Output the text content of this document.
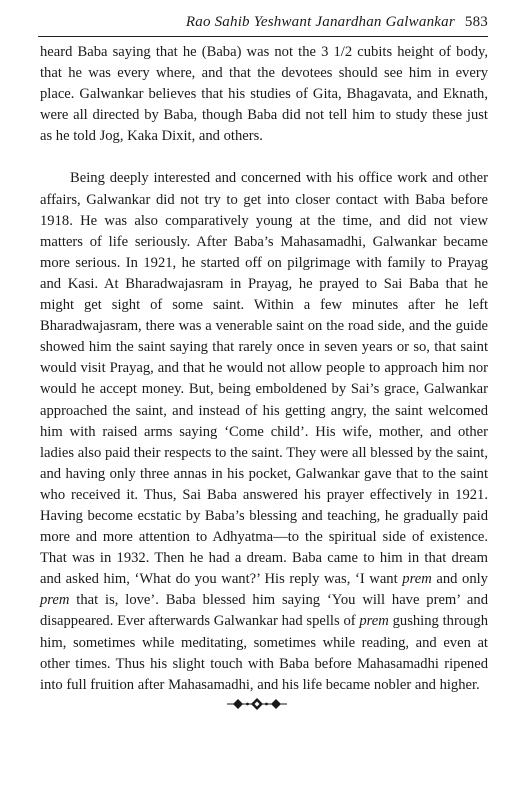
Rao Sahib Yeshwant Janardhan Galwankar 583

heard Baba saying that he (Baba) was not the 3 1/2 cubits height of body, that he was every where, and that the devotees should see him in every place. Galwankar believes that his studies of Gita, Bhagavata, and Eknath, were all directed by Baba, though Baba did not tell him to study these just as he told Jog, Kaka Dixit, and others.

Being deeply interested and concerned with his office work and other affairs, Galwankar did not try to get into closer contact with Baba before 1918. He was also comparatively young at the time, and did not view matters of life seriously. After Baba’s Mahasamadhi, Galwankar became more serious. In 1921, he started off on pilgrimage with family to Prayag and Kasi. At Bharadwajasram in Prayag, he prayed to Sai Baba that he might get sight of some saint. Within a few minutes after he left Bharadwajasram, there was a venerable saint on the road side, and the guide showed him the saint saying that rarely once in seven years or so, that saint would visit Prayag, and that he would not allow people to approach him nor would he accept money. But, being emboldened by Sai’s grace, Galwankar approached the saint, and instead of his getting angry, the saint welcomed him with raised arms saying ‘Come child’. His wife, mother, and other ladies also paid their respects to the saint. They were all blessed by the saint, and having only three annas in his pocket, Galwankar gave that to the saint who received it. Thus, Sai Baba answered his prayer effectively in 1921. Having become ecstatic by Baba’s blessing and teaching, he gradually paid more and more attention to Adhyatma—to the spiritual side of existence. That was in 1932. Then he had a dream. Baba came to him in that dream and asked him, ‘What do you want?’ His reply was, ‘I want prem and only prem that is, love’. Baba blessed him saying ‘You will have prem’ and disappeared. Ever afterwards Galwankar had spells of prem gushing through him, sometimes while meditating, sometimes while reading, and even at other times. Thus his slight touch with Baba before Mahasamadhi ripened into full fruition after Mahasamadhi, and his life became nobler and higher.
